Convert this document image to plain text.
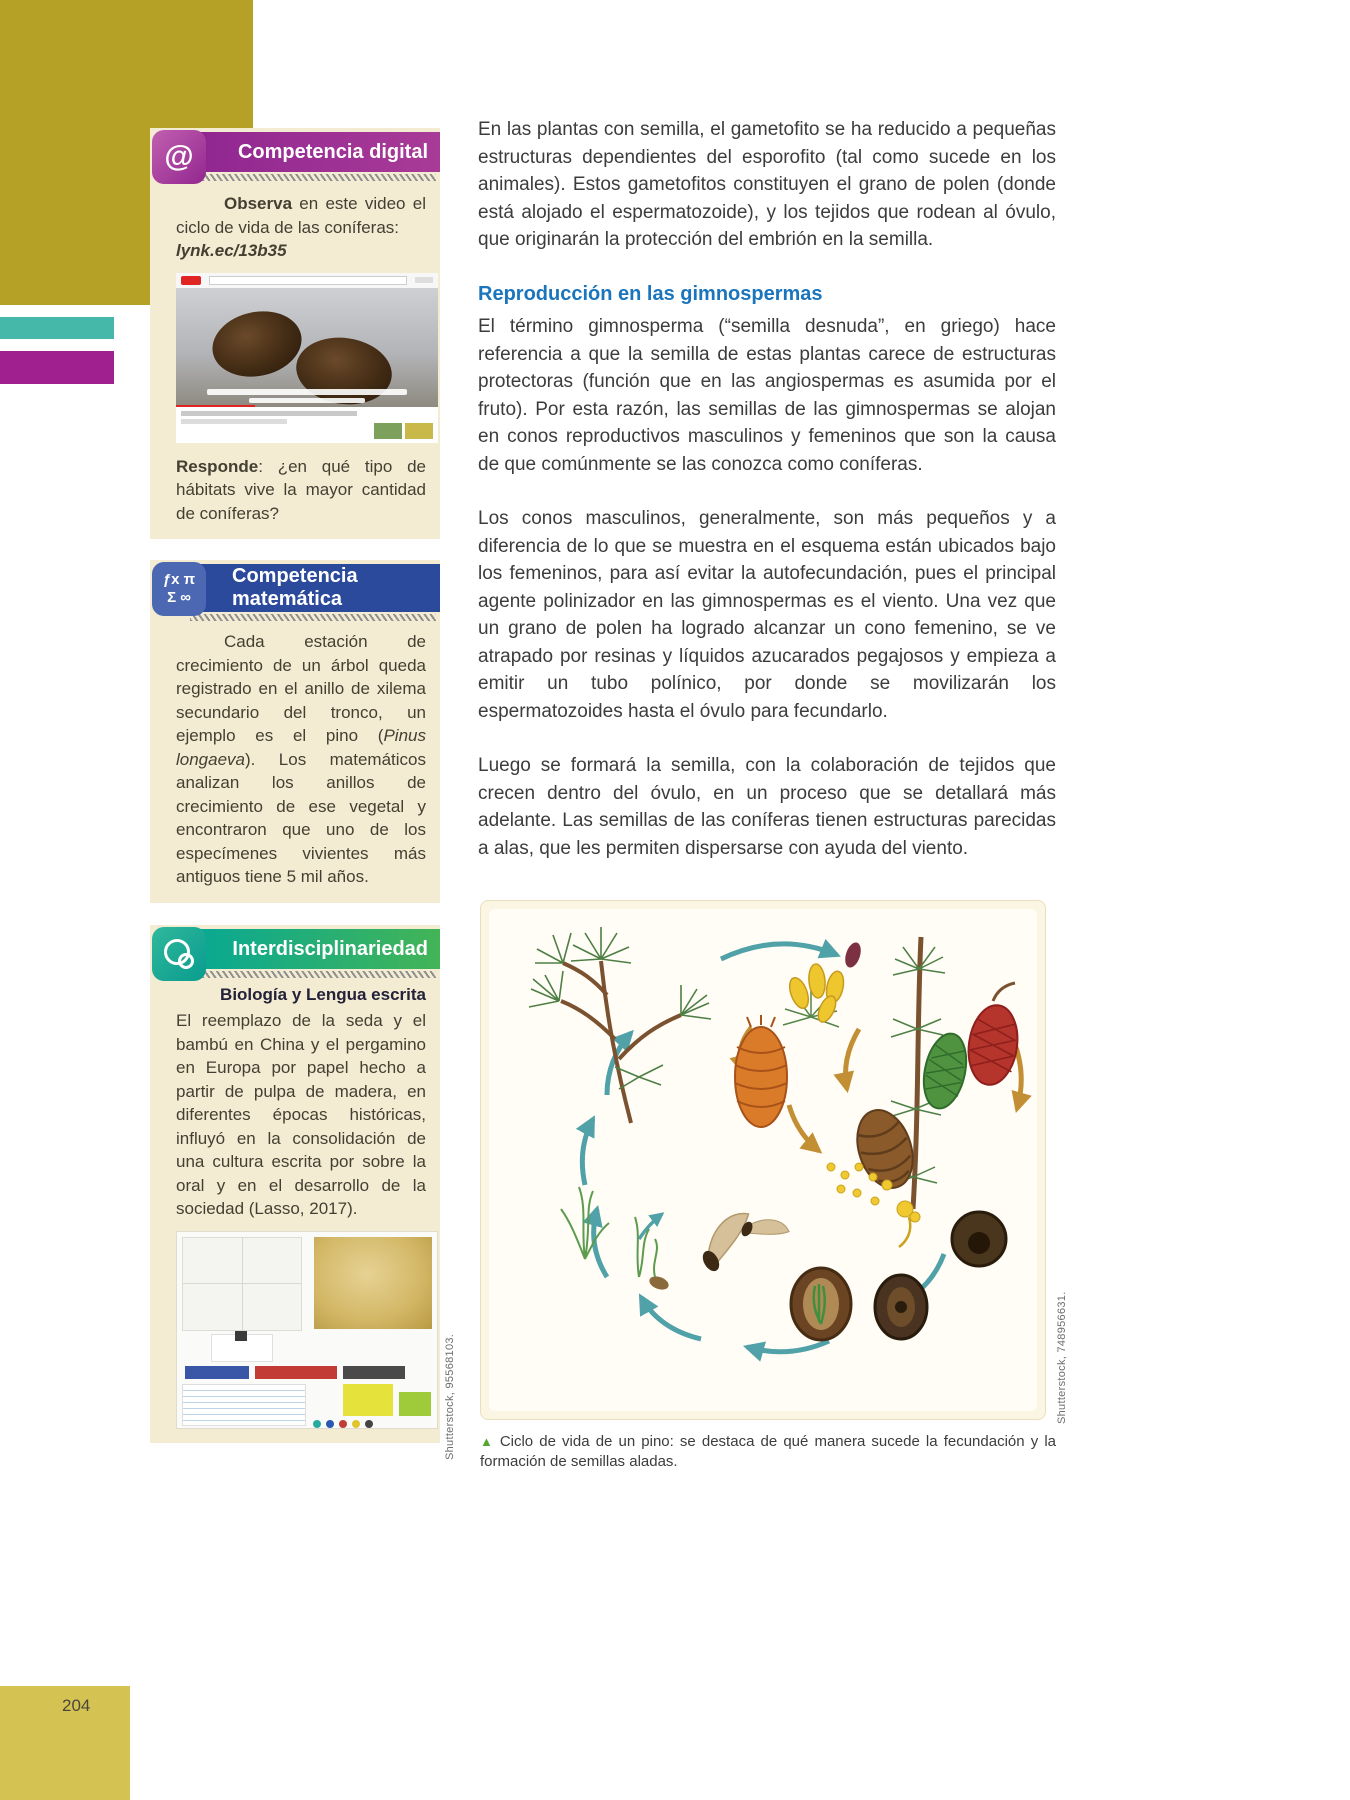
204
@ Competencia digital

Observa en este video el ciclo de vida de las coníferas:

lynk.ec/13b35

Responde: ¿en qué tipo de hábitats vive la mayor cantidad de coníferas?

ƒx π
Σ ∞
Competencia
matemática

Cada estación de crecimiento de un árbol queda registrado en el anillo de xilema secundario del tronco, un ejemplo es el pino (Pinus longaeva). Los matemáticos analizan los anillos de crecimiento de ese vegetal y encontraron que uno de los especímenes vivientes más antiguos tiene 5 mil años.

Interdisciplinariedad
Biología y Lengua escrita

El reemplazo de la seda y el bambú en China y el pergamino en Europa por papel hecho a partir de pulpa de madera, en diferentes épocas históricas, influyó en la consolidación de una cultura escrita por sobre la oral y en el desarrollo de la sociedad (Lasso, 2017).

Shutterstock, 95568103.

En las plantas con semilla, el gametofito se ha reducido a pequeñas estructuras dependientes del esporofito (tal como sucede en los animales). Estos gametofitos constituyen el grano de polen (donde está alojado el espermatozoide), y los tejidos que rodean al óvulo, que originarán la protección del embrión en la semilla.

Reproducción en las gimnospermas

El término gimnosperma (“semilla desnuda”, en griego) hace referencia a que la semilla de estas plantas carece de estructuras protectoras (función que en las angiospermas es asumida por el fruto). Por esta razón, las semillas de las gimnospermas se alojan en conos reproductivos masculinos y femeninos que son la causa de que comúnmente se las conozca como coníferas.

Los conos masculinos, generalmente, son más pequeños y a diferencia de lo que se muestra en el esquema están ubicados bajo los femeninos, para así evitar la autofecundación, pues el principal agente polinizador en las gimnospermas es el viento. Una vez que un grano de polen ha logrado alcanzar un cono femenino, se ve atrapado por resinas y líquidos azucarados pegajosos y empieza a emitir un tubo polínico, por donde se movilizarán los espermatozoides hasta el óvulo para fecundarlo.

Luego se formará la semilla, con la colaboración de tejidos que crecen dentro del óvulo, en un proceso que se detallará más adelante. Las semillas de las coníferas tienen estructuras parecidas a alas, que les permiten dispersarse con ayuda del viento.

▲ Ciclo de vida de un pino: se destaca de qué manera sucede la fecundación y la formación de semillas aladas.
Shutterstock, 748956631.
